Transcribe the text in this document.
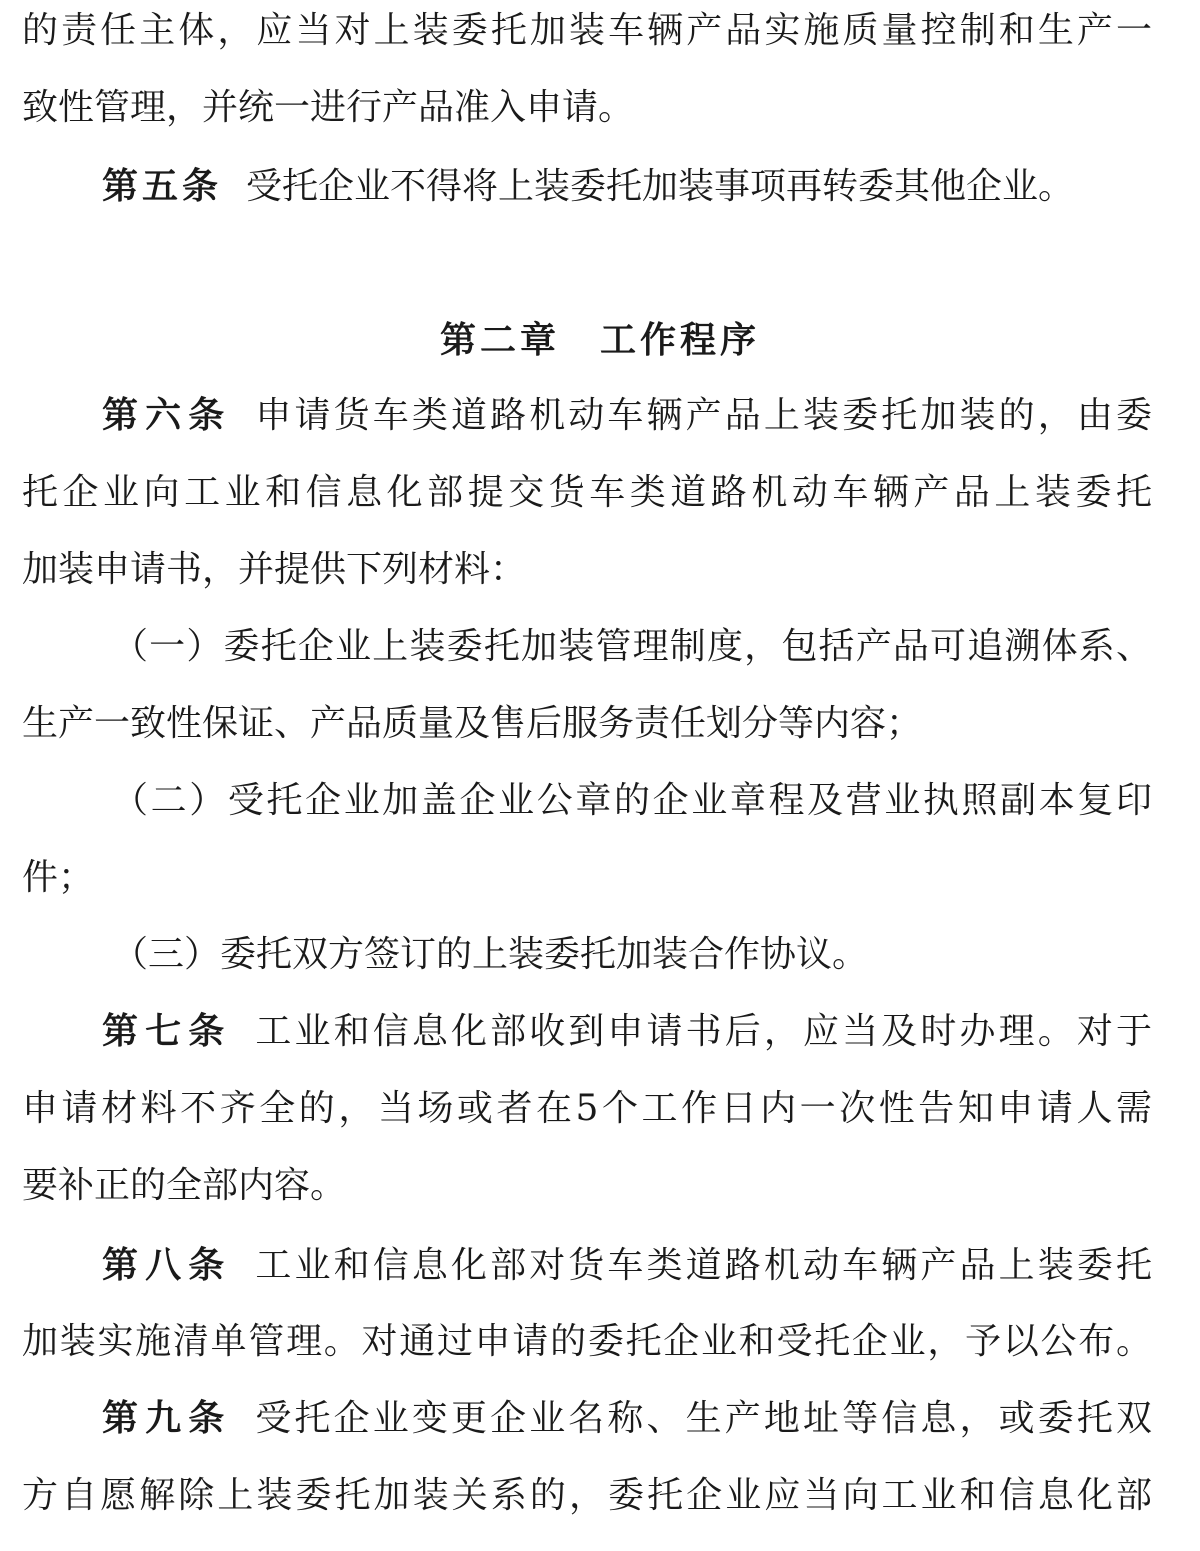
的责任主体，应当对上装委托加装车辆产品实施质量控制和生产一
致性管理，并统一进行产品准入申请。
第五条 受托企业不得将上装委托加装事项再转委其他企业。
第二章 工作程序
第六条 申请货车类道路机动车辆产品上装委托加装的，由委
托企业向工业和信息化部提交货车类道路机动车辆产品上装委托
加装申请书，并提供下列材料：
（一）委托企业上装委托加装管理制度，包括产品可追溯体系、
生产一致性保证、产品质量及售后服务责任划分等内容；
（二）受托企业加盖企业公章的企业章程及营业执照副本复印
件；
（三）委托双方签订的上装委托加装合作协议。
第七条 工业和信息化部收到申请书后，应当及时办理。对于
申请材料不齐全的，当场或者在5个工作日内一次性告知申请人需
要补正的全部内容。
第八条 工业和信息化部对货车类道路机动车辆产品上装委托
加装实施清单管理。对通过申请的委托企业和受托企业，予以公布。
第九条 受托企业变更企业名称、生产地址等信息，或委托双
方自愿解除上装委托加装关系的，委托企业应当向工业和信息化部
